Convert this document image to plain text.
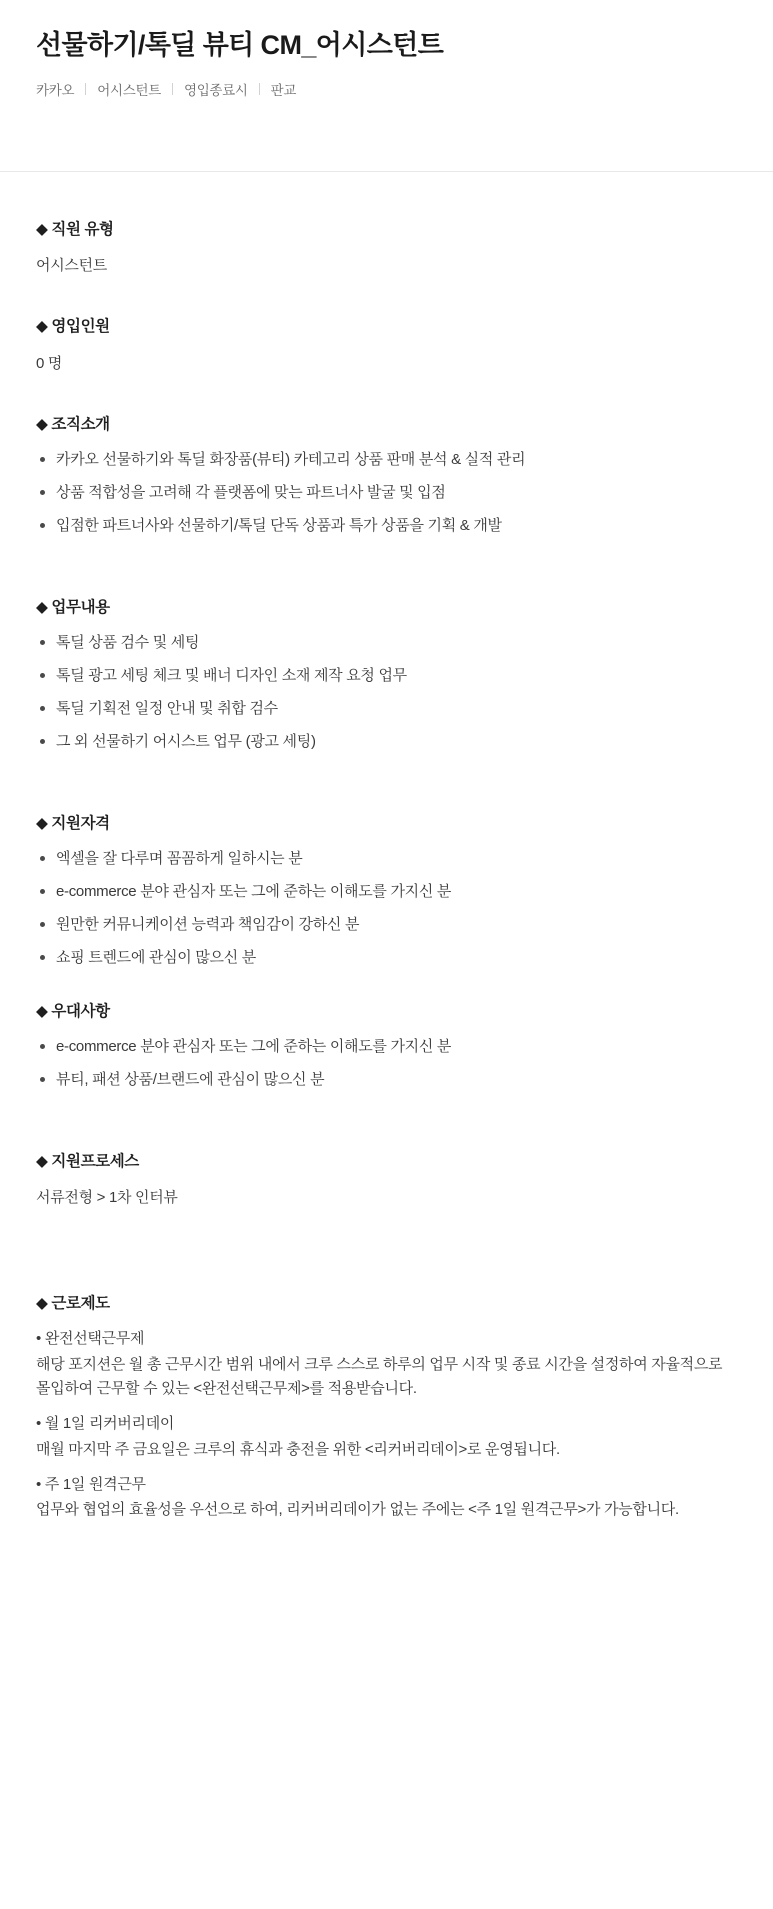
선물하기/톡딜 뷰티 CM_어시스턴트
카카오 어시스턴트 영입종료시 판교
◆ 직원 유형

어시스턴트

◆ 영입인원

0 명

◆ 조직소개
카카오 선물하기와 톡딜 화장품(뷰티) 카테고리 상품 판매 분석 & 실적 관리
상품 적합성을 고려해 각 플랫폼에 맞는 파트너사 발굴 및 입점
입점한 파트너사와 선물하기/톡딜 단독 상품과 특가 상품을 기획 & 개발
◆ 업무내용
톡딜 상품 검수 및 세팅
톡딜 광고 세팅 체크 및 배너 디자인 소재 제작 요청 업무
톡딜 기획전 일정 안내 및 취합 검수
그 외 선물하기 어시스트 업무 (광고 세팅)
◆ 지원자격
엑셀을 잘 다루며 꼼꼼하게 일하시는 분
e-commerce 분야 관심자 또는 그에 준하는 이해도를 가지신 분
원만한 커뮤니케이션 능력과 책임감이 강하신 분
쇼핑 트렌드에 관심이 많으신 분
◆ 우대사항
e-commerce 분야 관심자 또는 그에 준하는 이해도를 가지신 분
뷰티, 패션 상품/브랜드에 관심이 많으신 분
◆ 지원프로세스

서류전형 > 1차 인터뷰

◆ 근로제도

• 완전선택근무제

해당 포지션은 월 총 근무시간 범위 내에서 크루 스스로 하루의 업무 시작 및 종료 시간을 설정하여 자율적으로 몰입하여 근무할 수 있는 <완전선택근무제>를 적용받습니다.

• 월 1일 리커버리데이

매월 마지막 주 금요일은 크루의 휴식과 충전을 위한 <리커버리데이>로 운영됩니다.

• 주 1일 원격근무

업무와 협업의 효율성을 우선으로 하여, 리커버리데이가 없는 주에는 <주 1일 원격근무>가 가능합니다.
